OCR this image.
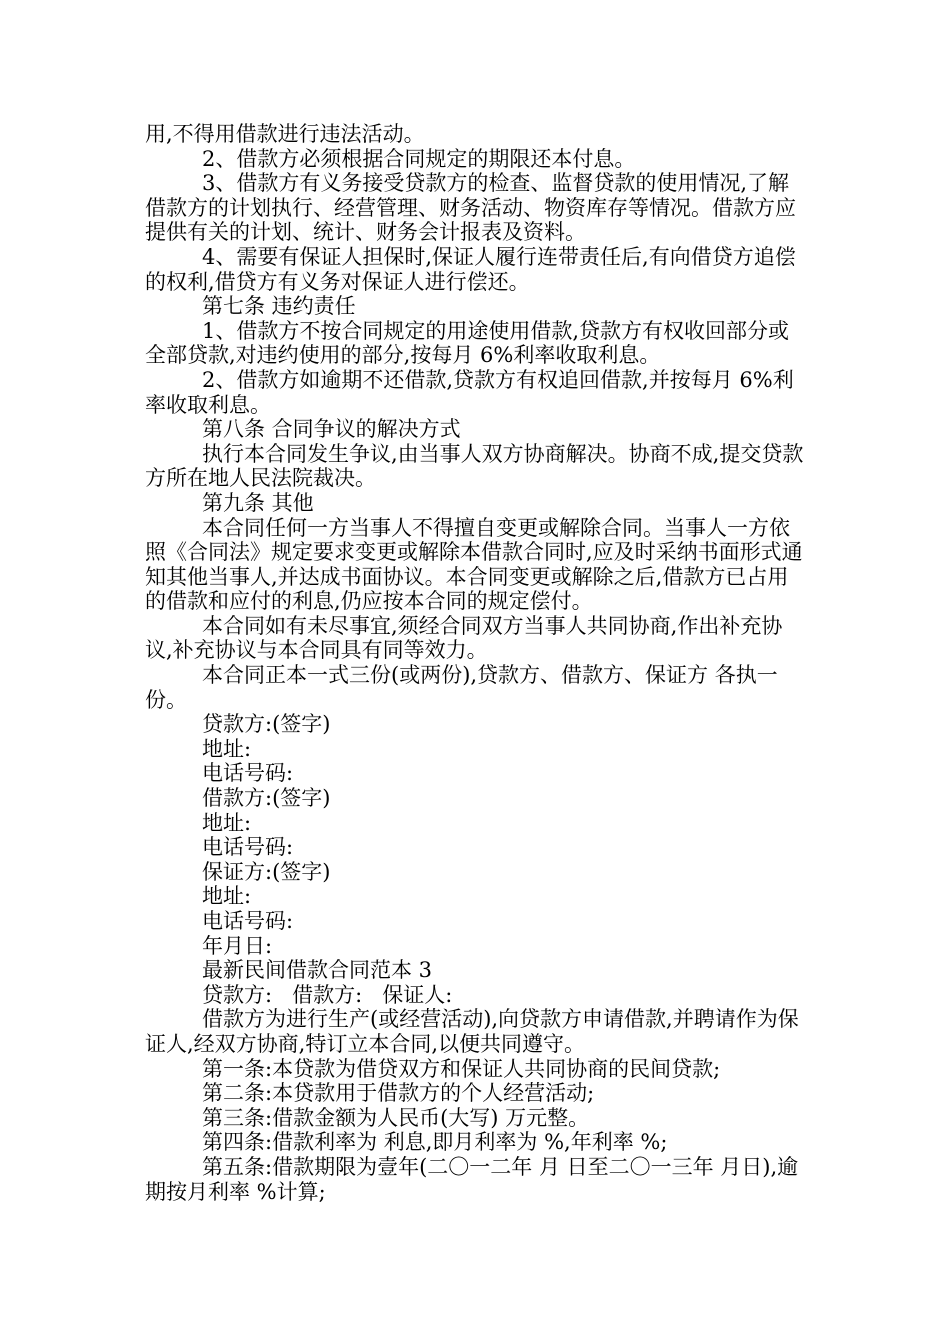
用,不得用借款进行违法活动。

2、借款方必须根据合同规定的期限还本付息。

3、借款方有义务接受贷款方的检查、监督贷款的使用情况,了解借款方的计划执行、经营管理、财务活动、物资库存等情况。借款方应提供有关的计划、统计、财务会计报表及资料。

4、需要有保证人担保时,保证人履行连带责任后,有向借贷方追偿的权利,借贷方有义务对保证人进行偿还。

第七条 违约责任

1、借款方不按合同规定的用途使用借款,贷款方有权收回部分或全部贷款,对违约使用的部分,按每月 6%利率收取利息。

2、借款方如逾期不还借款,贷款方有权追回借款,并按每月 6%利率收取利息。

第八条 合同争议的解决方式

执行本合同发生争议,由当事人双方协商解决。协商不成,提交贷款方所在地人民法院裁决。

第九条 其他

本合同任何一方当事人不得擅自变更或解除合同。当事人一方依照《合同法》规定要求变更或解除本借款合同时,应及时采纳书面形式通知其他当事人,并达成书面协议。本合同变更或解除之后,借款方已占用的借款和应付的利息,仍应按本合同的规定偿付。

本合同如有未尽事宜,须经合同双方当事人共同协商,作出补充协议,补充协议与本合同具有同等效力。

本合同正本一式三份(或两份),贷款方、借款方、保证方 各执一份。

贷款方:(签字)

地址:

电话号码:

借款方:(签字)

地址:

电话号码:

保证方:(签字)

地址:

电话号码:

年月日:

最新民间借款合同范本 3

贷款方:   借款方:   保证人:

借款方为进行生产(或经营活动),向贷款方申请借款,并聘请作为保证人,经双方协商,特订立本合同,以便共同遵守。

第一条:本贷款为借贷双方和保证人共同协商的民间贷款;

第二条:本贷款用于借款方的个人经营活动;

第三条:借款金额为人民币(大写) 万元整。

第四条:借款利率为 利息,即月利率为 %,年利率 %;

第五条:借款期限为壹年(二〇一二年 月 日至二〇一三年 月日),逾期按月利率 %计算;
